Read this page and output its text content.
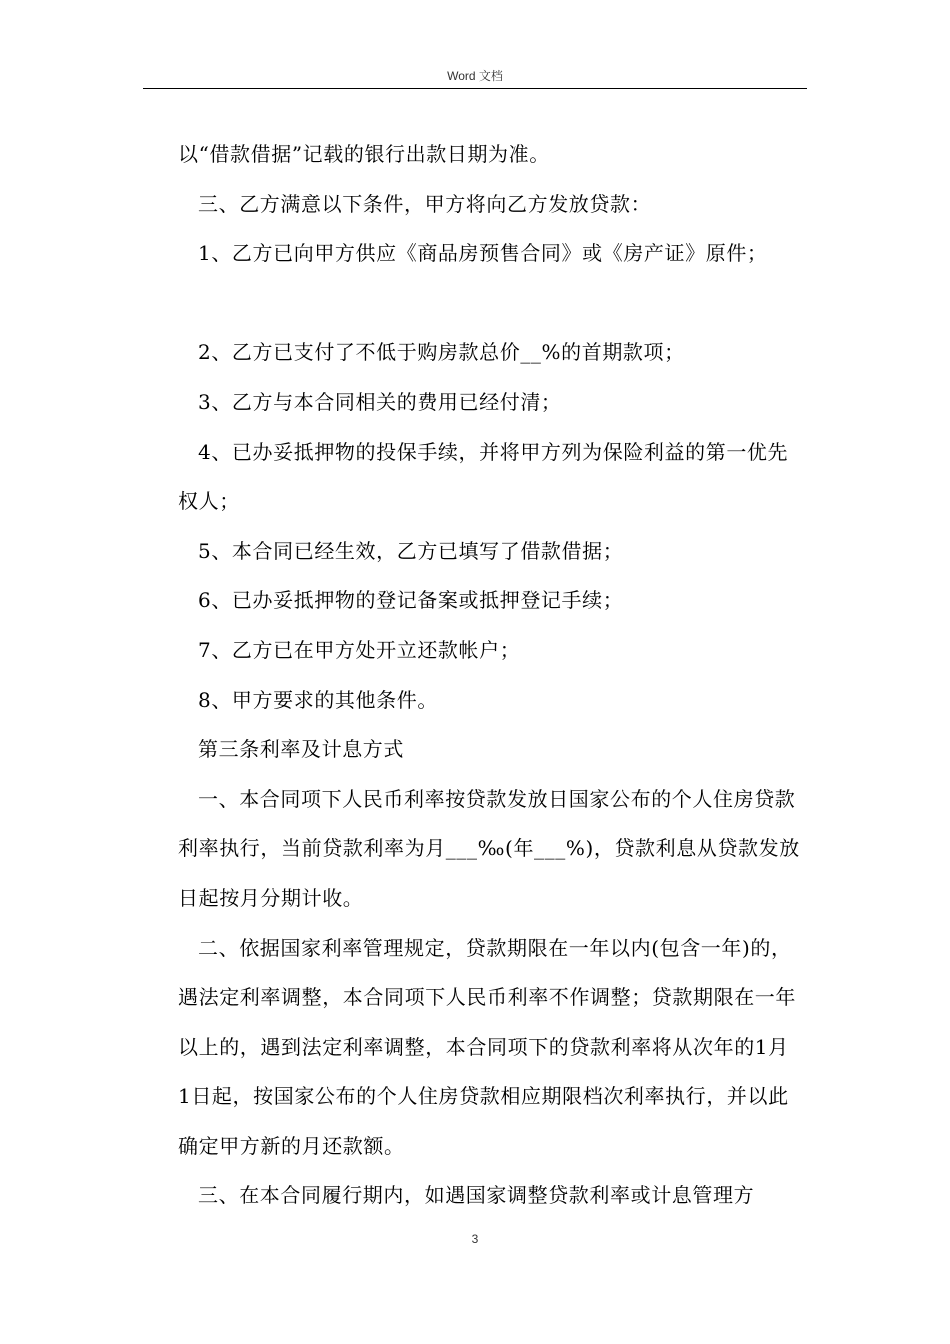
Word 文档

以“借款借据”记载的银行出款日期为准。

三、乙方满意以下条件，甲方将向乙方发放贷款：

1、乙方已向甲方供应《商品房预售合同》或《房产证》原件；

2、乙方已支付了不低于购房款总价__%的首期款项；

3、乙方与本合同相关的费用已经付清；

4、已办妥抵押物的投保手续，并将甲方列为保险利益的第一优先权人；

5、本合同已经生效，乙方已填写了借款借据；

6、已办妥抵押物的登记备案或抵押登记手续；

7、乙方已在甲方处开立还款帐户；

8、甲方要求的其他条件。

第三条利率及计息方式

一、本合同项下人民币利率按贷款发放日国家公布的个人住房贷款利率执行，当前贷款利率为月___‰(年___%)，贷款利息从贷款发放日起按月分期计收。

二、依据国家利率管理规定，贷款期限在一年以内(包含一年)的，遇法定利率调整，本合同项下人民币利率不作调整；贷款期限在一年以上的，遇到法定利率调整，本合同项下的贷款利率将从次年的1月1日起，按国家公布的个人住房贷款相应期限档次利率执行，并以此确定甲方新的月还款额。

三、在本合同履行期内，如遇国家调整贷款利率或计息管理方

3
